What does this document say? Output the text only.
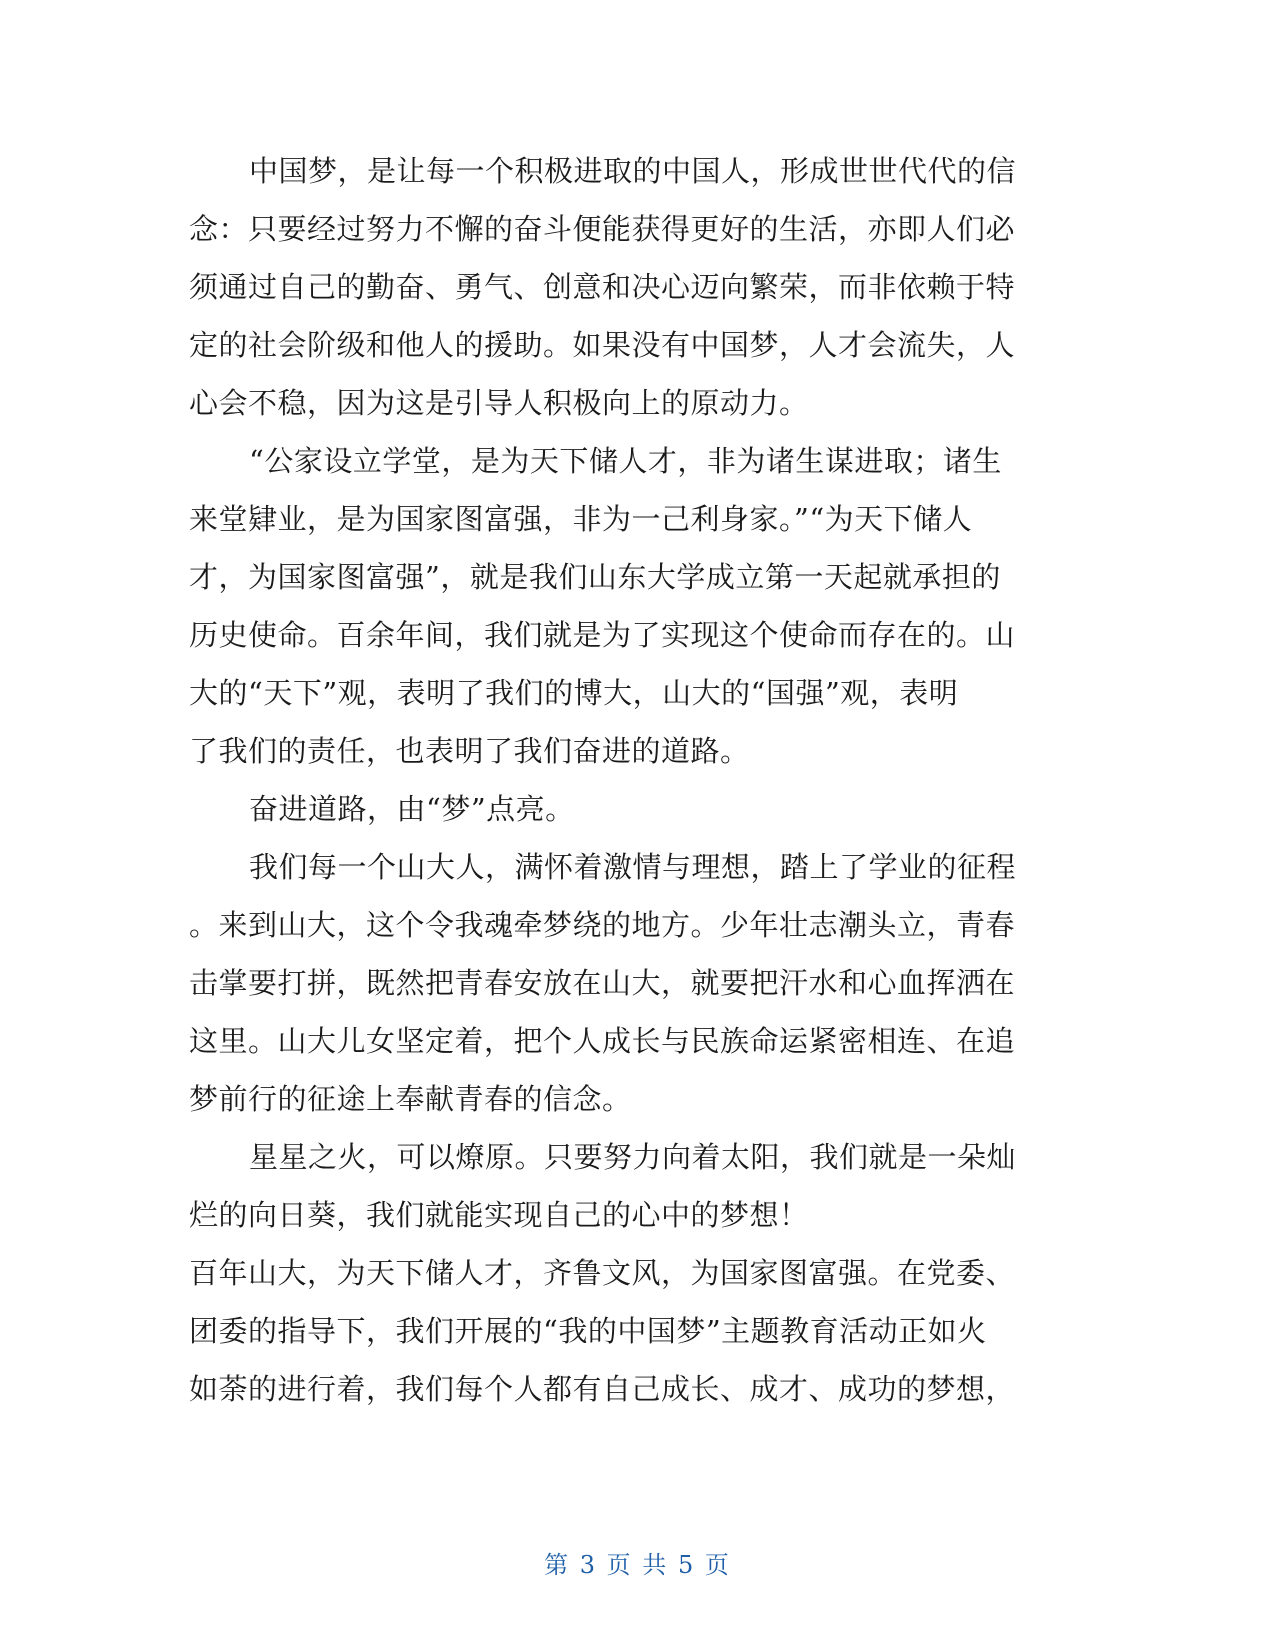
中国梦，是让每一个积极进取的中国人，形成世世代代的信
念：只要经过努力不懈的奋斗便能获得更好的生活，亦即人们必
须通过自己的勤奋、勇气、创意和决心迈向繁荣，而非依赖于特
定的社会阶级和他人的援助。如果没有中国梦，人才会流失，人
心会不稳，因为这是引导人积极向上的原动力。
“公家设立学堂，是为天下储人才，非为诸生谋进取；诸生
来堂肄业，是为国家图富强，非为一己利身家。”“为天下储人
才，为国家图富强”，就是我们山东大学成立第一天起就承担的
历史使命。百余年间，我们就是为了实现这个使命而存在的。山
大的“天下”观，表明了我们的博大，山大的“国强”观，表明
了我们的责任，也表明了我们奋进的道路。
奋进道路，由“梦”点亮。
我们每一个山大人，满怀着激情与理想，踏上了学业的征程
。来到山大，这个令我魂牵梦绕的地方。少年壮志潮头立，青春
击掌要打拼，既然把青春安放在山大，就要把汗水和心血挥洒在
这里。山大儿女坚定着，把个人成长与民族命运紧密相连、在追
梦前行的征途上奉献青春的信念。
星星之火，可以燎原。只要努力向着太阳，我们就是一朵灿
烂的向日葵，我们就能实现自己的心中的梦想！
百年山大，为天下储人才，齐鲁文风，为国家图富强。在党委、
团委的指导下，我们开展的“我的中国梦”主题教育活动正如火
如荼的进行着，我们每个人都有自己成长、成才、成功的梦想，
第 3 页 共 5 页
